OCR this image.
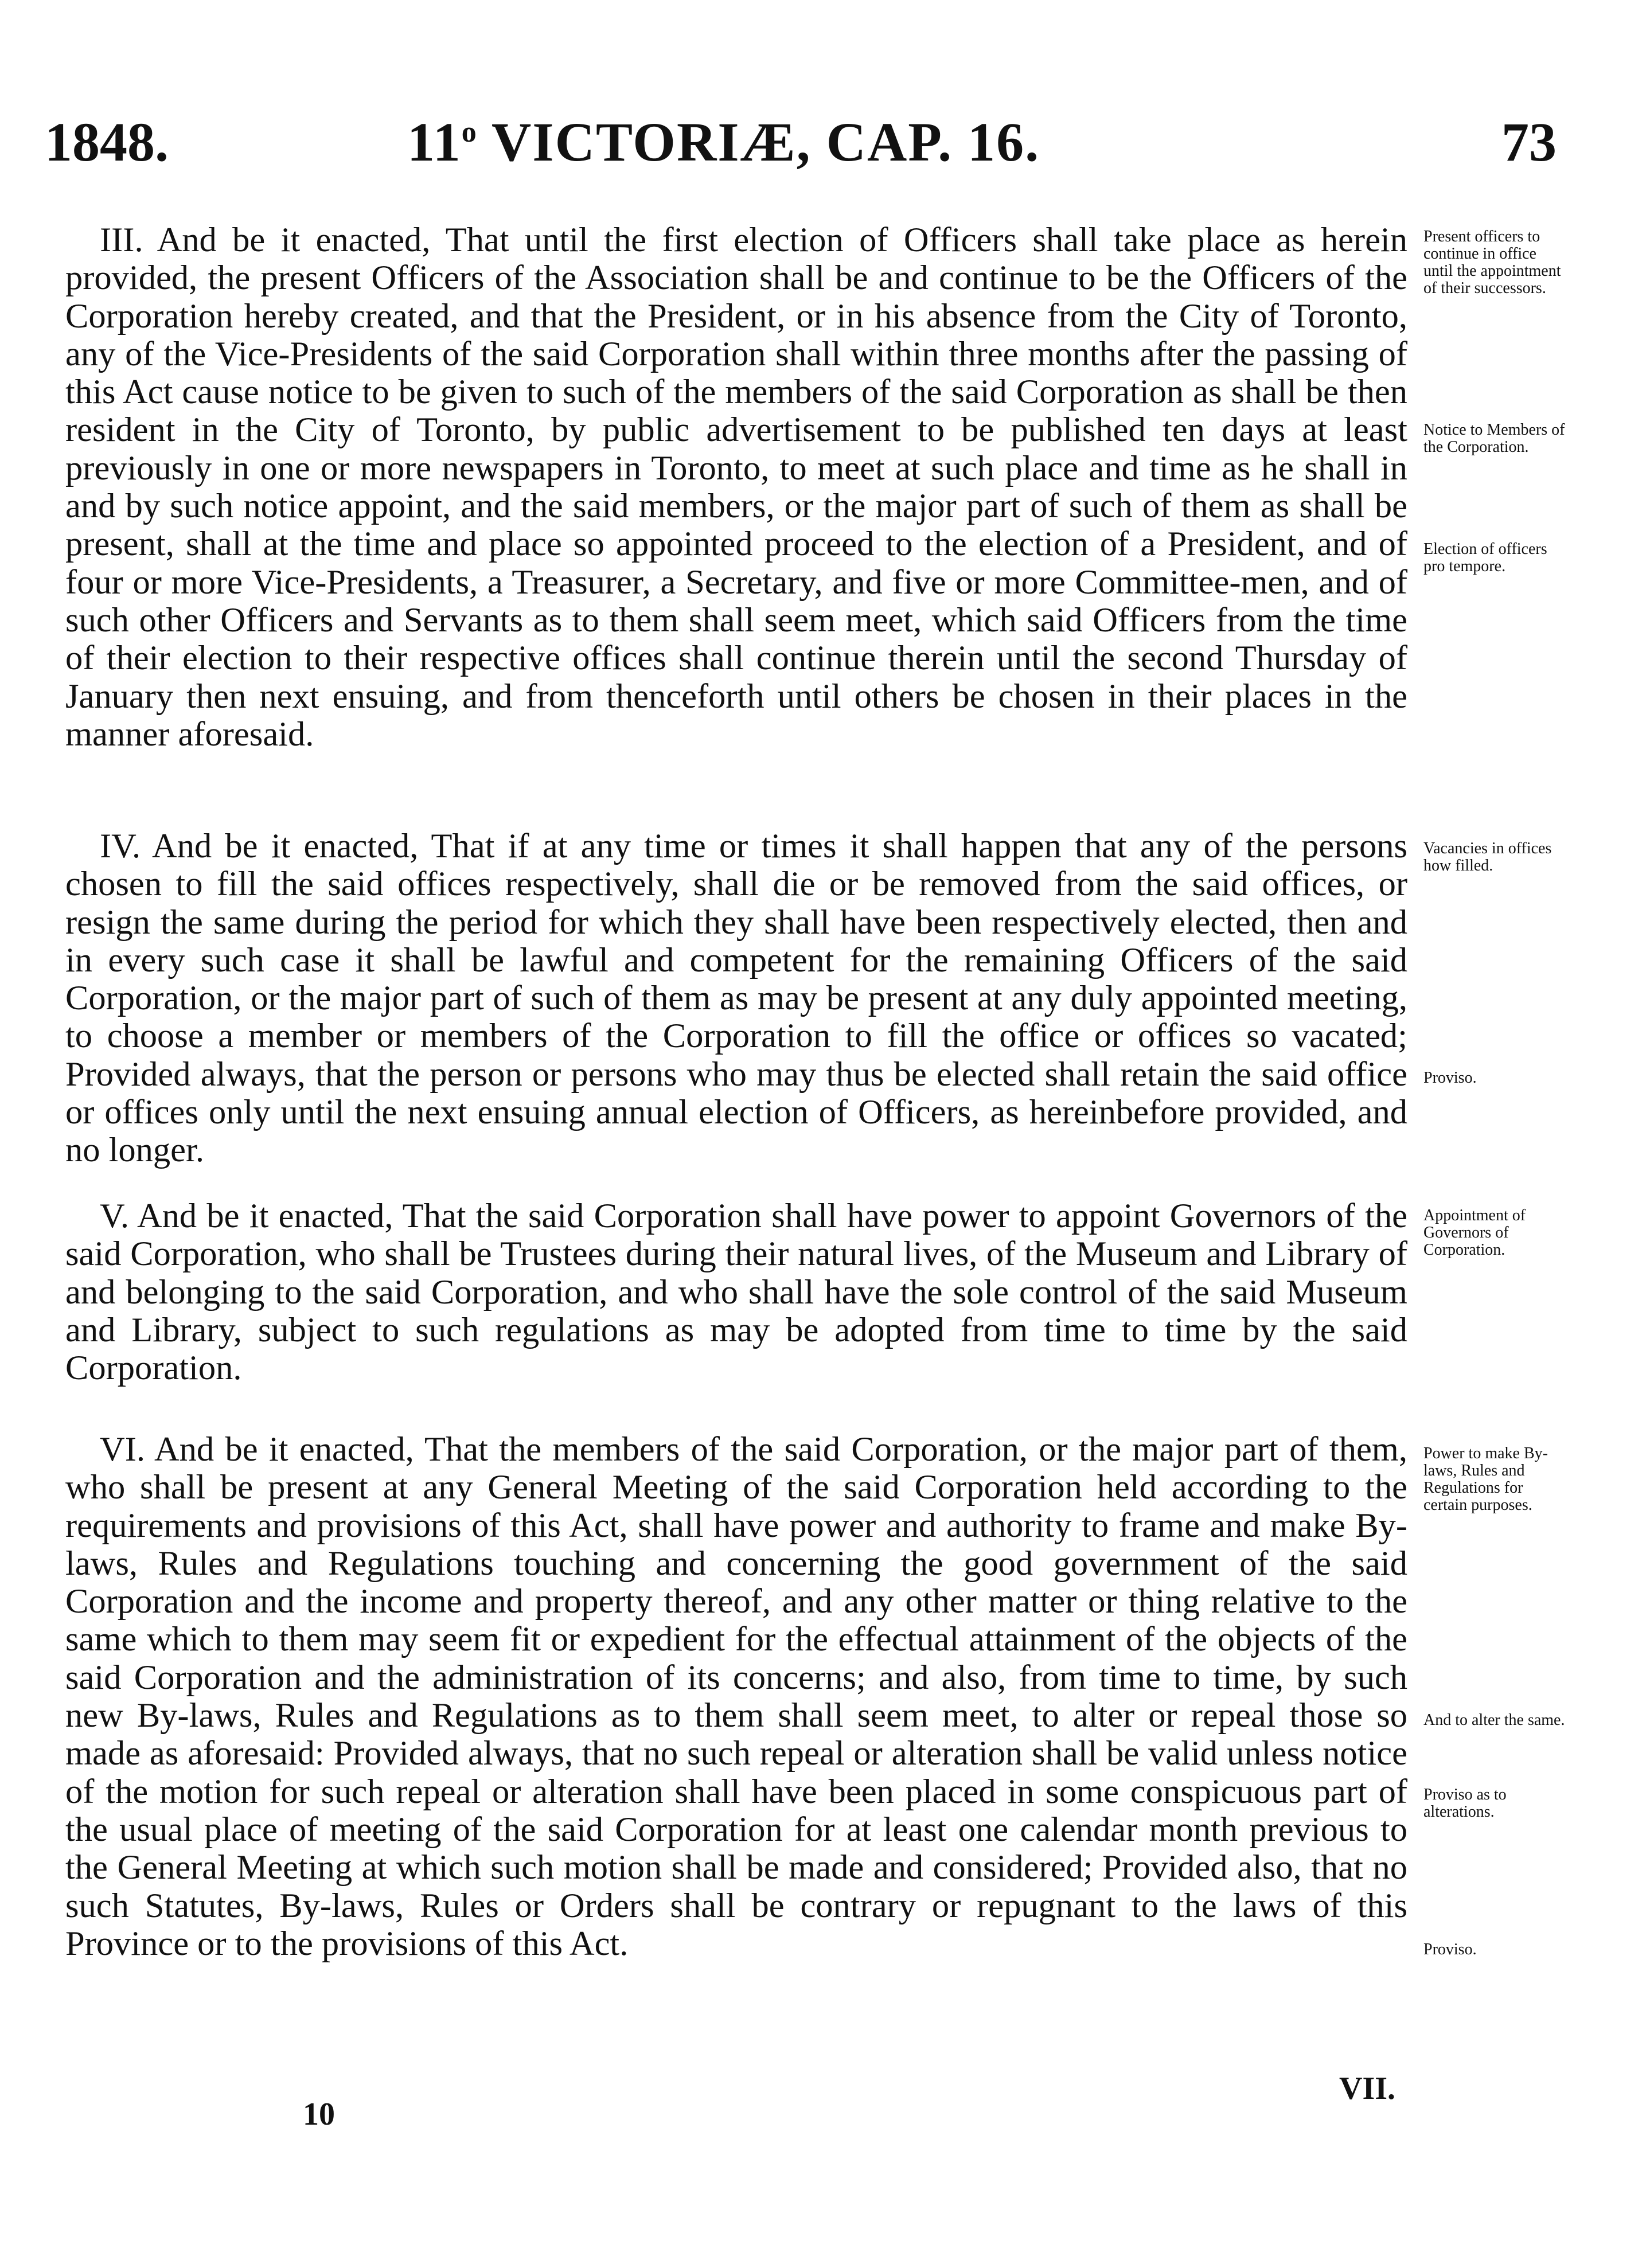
1848.	11$^o$ VICTORIÆ, CAP. 16.	73

III. And be it enacted, That until the first election of Officers shall take place as herein provided, the present Officers of the Association shall be and continue to be the Officers of the Corporation hereby created, and that the President, or in his absence from the City of Toronto, any of the Vice-Presidents of the said Corporation shall within three months after the passing of this Act cause notice to be given to such of the members of the said Corporation as shall be then resident in the City of Toronto, by public advertisement to be published ten days at least previously in one or more newspapers in Toronto, to meet at such place and time as he shall in and by such notice appoint, and the said members, or the major part of such of them as shall be present, shall at the time and place so appointed proceed to the election of a President, and of four or more Vice-Presidents, a Treasurer, a Secretary, and five or more Committee-men, and of such other Officers and Servants as to them shall seem meet, which said Officers from the time of their election to their respective offices shall continue therein until the second Thursday of January then next ensuing, and from thenceforth until others be chosen in their places in the manner aforesaid.

IV. And be it enacted, That if at any time or times it shall happen that any of the persons chosen to fill the said offices respectively, shall die or be removed from the said offices, or resign the same during the period for which they shall have been respectively elected, then and in every such case it shall be lawful and competent for the remaining Officers of the said Corporation, or the major part of such of them as may be present at any duly appointed meeting, to choose a member or members of the Corporation to fill the office or offices so vacated; Provided always, that the person or persons who may thus be elected shall retain the said office or offices only until the next ensuing annual election of Officers, as hereinbefore provided, and no longer.

V. And be it enacted, That the said Corporation shall have power to appoint Governors of the said Corporation, who shall be Trustees during their natural lives, of the Museum and Library of and belonging to the said Corporation, and who shall have the sole control of the said Museum and Library, subject to such regulations as may be adopted from time to time by the said Corporation.

VI. And be it enacted, That the members of the said Corporation, or the major part of them, who shall be present at any General Meeting of the said Corporation held according to the requirements and provisions of this Act, shall have power and authority to frame and make By-laws, Rules and Regulations touching and concerning the good government of the said Corporation and the income and property thereof, and any other matter or thing relative to the same which to them may seem fit or expedient for the effectual attainment of the objects of the said Corporation and the administration of its concerns; and also, from time to time, by such new By-laws, Rules and Regulations as to them shall seem meet, to alter or repeal those so made as aforesaid: Provided always, that no such repeal or alteration shall be valid unless notice of the motion for such repeal or alteration shall have been placed in some conspicuous part of the usual place of meeting of the said Corporation for at least one calendar month previous to the General Meeting at which such motion shall be made and considered; Provided also, that no such Statutes, By-laws, Rules or Orders shall be contrary or repugnant to the laws of this Province or to the provisions of this Act.

Present officers to continue in office until the appointment of their successors.
Notice to Members of the Corporation.
Election of officers pro tempore.
Vacancies in offices how filled.
Proviso.
Appointment of Governors of Corporation.
Power to make By-laws, Rules and Regulations for certain purposes.
And to alter the same.
Proviso as to alterations.
Proviso.
10
VII.
